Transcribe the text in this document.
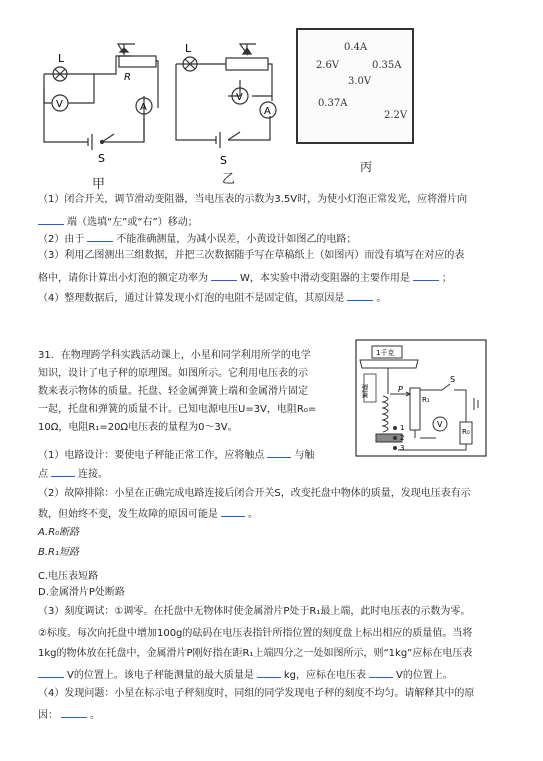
L
V
R
A
S
甲
L
V
A
S
乙
0.4A
2.6V	0.35A
3.0V
0.37A
2.2V
丙
（1）闭合开关，调节滑动变阻器，当电压表的示数为3.5V时，为使小灯泡正常发光，应将滑片向
端（选填“左”或“右”）移动；
（2）由于	不能准确测量，为减小误差，小黄设计如图乙的电路；
（3）利用乙图测出三组数据，并把三次数据随手写在草稿纸上（如图丙）而没有填写在对应的表
格中，请你计算出小灯泡的额定功率为	W，本实验中滑动变阻器的主要作用是	；
（4）整理数据后，通过计算发现小灯泡的电阻不是固定值，其原因是	。
31．在物理跨学科实践活动课上，小星和同学利用所学的电学
知识，设计了电子秤的原理图。如图所示。它利用电压表的示
数来表示物体的质量。托盘、轻金属弹簧上端和金属滑片固定
一起，托盘和弹簧的质量不计。已知电源电压U=3V，电阻R₀=
10Ω，电阻R₁=20Ω电压表的量程为0～3V。
1千克
弹簧	P
R₁
S
R₀
V
1
2
3
（1）电路设计：要使电子秤能正常工作，应将触点	与触
点	连接。
（2）故障排除：小星在正确完成电路连接后闭合开关S，改变托盘中物体的质量，发现电压表有示
数，但始终不变，发生故障的原因可能是	。
A.R₀断路
B.R₁短路
C.电压表短路
D.金属滑片P处断路
（3）刻度调试：①调零。在托盘中无物体时使金属滑片P处于R₁最上端，此时电压表的示数为零。
②标度。每次向托盘中增加100g的砝码在电压表指针所指位置的刻度盘上标出相应的质量值。当将
1kg的物体放在托盘中，金属滑片P刚好指在距R₁上端四分之一处如图所示，则“1kg”应标在电压表
V的位置上。该电子秤能测量的最大质量是	kg，应标在电压表	V的位置上。
（4）发现问题：小星在标示电子秤刻度时，同组的同学发现电子秤的刻度不均匀。请解释其中的原
因：	。
